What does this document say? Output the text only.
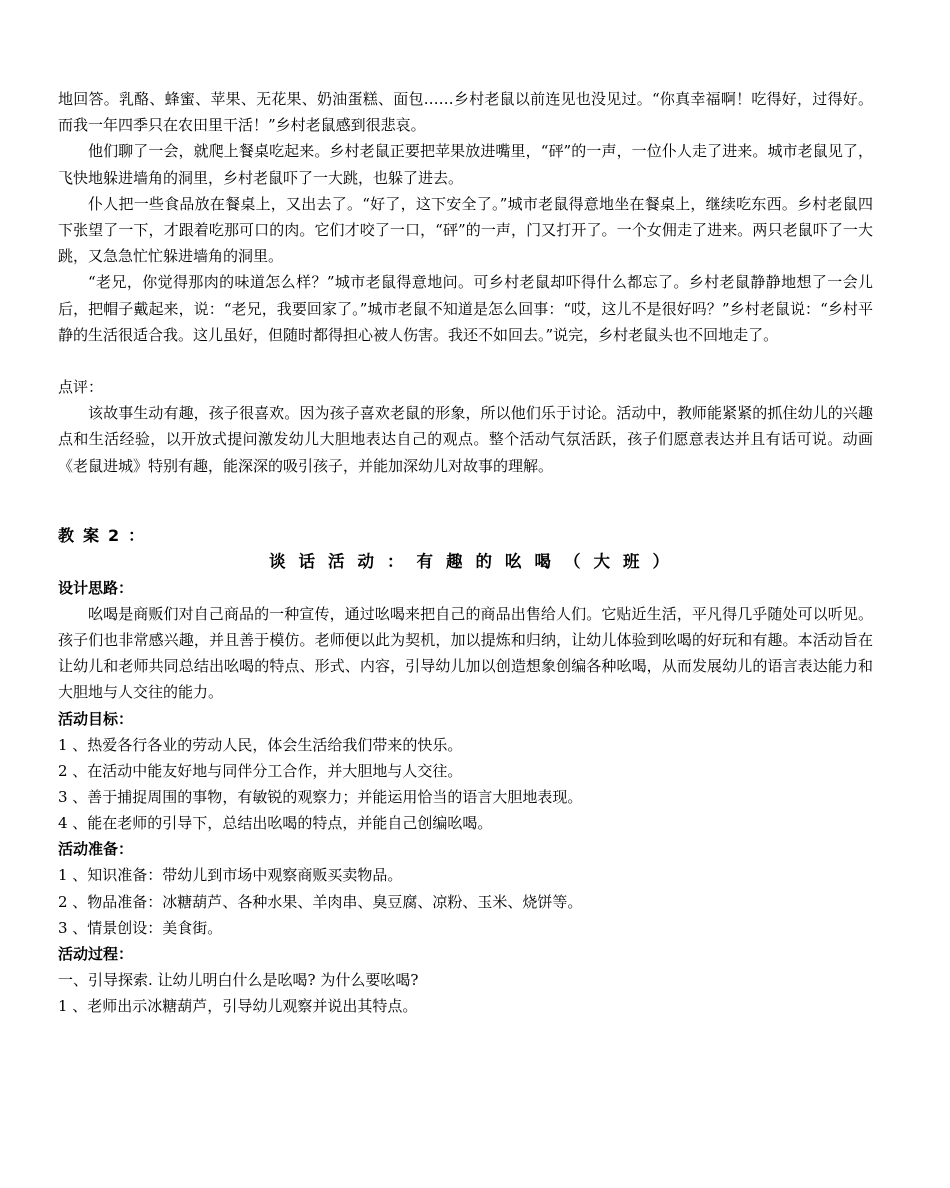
地回答。乳酪、蜂蜜、苹果、无花果、奶油蛋糕、面包……乡村老鼠以前连见也没见过。“你真幸福啊！吃得好，过得好。而我一年四季只在农田里干活！”乡村老鼠感到很悲哀。

他们聊了一会，就爬上餐桌吃起来。乡村老鼠正要把苹果放进嘴里，“砰”的一声，一位仆人走了进来。城市老鼠见了，飞快地躲进墙角的洞里，乡村老鼠吓了一大跳，也躲了进去。

仆人把一些食品放在餐桌上，又出去了。“好了，这下安全了。”城市老鼠得意地坐在餐桌上，继续吃东西。乡村老鼠四下张望了一下，才跟着吃那可口的肉。它们才咬了一口，“砰”的一声，门又打开了。一个女佣走了进来。两只老鼠吓了一大跳，又急急忙忙躲进墙角的洞里。

“老兄，你觉得那肉的味道怎么样？”城市老鼠得意地问。可乡村老鼠却吓得什么都忘了。乡村老鼠静静地想了一会儿后，把帽子戴起来，说：“老兄，我要回家了。”城市老鼠不知道是怎么回事：“哎，这儿不是很好吗？”乡村老鼠说：“乡村平静的生活很适合我。这儿虽好，但随时都得担心被人伤害。我还不如回去。”说完，乡村老鼠头也不回地走了。

点评：

该故事生动有趣，孩子很喜欢。因为孩子喜欢老鼠的形象，所以他们乐于讨论。活动中，教师能紧紧的抓住幼儿的兴趣点和生活经验，以开放式提问激发幼儿大胆地表达自己的观点。整个活动气氛活跃，孩子们愿意表达并且有话可说。动画《老鼠进城》特别有趣，能深深的吸引孩子，并能加深幼儿对故事的理解。

教案2：

谈话活动：有趣的吆喝（大班）

设计思路：

吆喝是商贩们对自己商品的一种宣传，通过吆喝来把自己的商品出售给人们。它贴近生活，平凡得几乎随处可以听见。孩子们也非常感兴趣，并且善于模仿。老师便以此为契机，加以提炼和归纳，让幼儿体验到吆喝的好玩和有趣。本活动旨在让幼儿和老师共同总结出吆喝的特点、形式、内容，引导幼儿加以创造想象创编各种吆喝，从而发展幼儿的语言表达能力和大胆地与人交往的能力。

活动目标：

1 、热爱各行各业的劳动人民，体会生活给我们带来的快乐。

2 、在活动中能友好地与同伴分工合作，并大胆地与人交往。

3 、善于捕捉周围的事物，有敏锐的观察力；并能运用恰当的语言大胆地表现。

4 、能在老师的引导下，总结出吆喝的特点，并能自己创编吆喝。

活动准备：

1 、知识准备：带幼儿到市场中观察商贩买卖物品。

2 、物品准备：冰糖葫芦、各种水果、羊肉串、臭豆腐、凉粉、玉米、烧饼等。

3 、情景创设：美食街。

活动过程：

一、引导探索. 让幼儿明白什么是吆喝? 为什么要吆喝?

1 、老师出示冰糖葫芦，引导幼儿观察并说出其特点。
